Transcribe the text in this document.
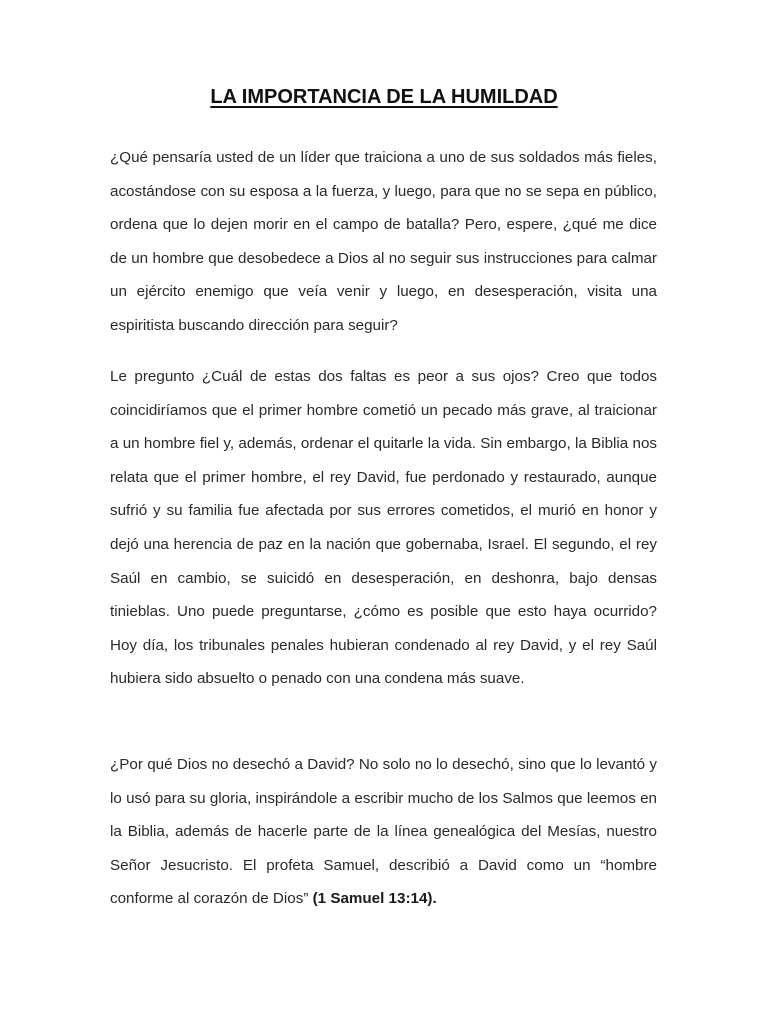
LA IMPORTANCIA DE LA HUMILDAD

¿Qué pensaría usted de un líder que traiciona a uno de sus soldados más fieles, acostándose con su esposa a la fuerza, y luego, para que no se sepa en público, ordena que lo dejen morir en el campo de batalla? Pero, espere, ¿qué me dice de un hombre que desobedece a Dios al no seguir sus instrucciones para calmar un ejército enemigo que veía venir y luego, en desesperación, visita una espiritista buscando dirección para seguir?

Le pregunto ¿Cuál de estas dos faltas es peor a sus ojos? Creo que todos coincidiríamos que el primer hombre cometió un pecado más grave, al traicionar a un hombre fiel y, además, ordenar el quitarle la vida. Sin embargo, la Biblia nos relata que el primer hombre, el rey David, fue perdonado y restaurado, aunque sufrió y su familia fue afectada por sus errores cometidos, el murió en honor y dejó una herencia de paz en la nación que gobernaba, Israel. El segundo, el rey Saúl en cambio, se suicidó en desesperación, en deshonra, bajo densas tinieblas. Uno puede preguntarse, ¿cómo es posible que esto haya ocurrido? Hoy día, los tribunales penales hubieran condenado al rey David, y el rey Saúl hubiera sido absuelto o penado con una condena más suave.

¿Por qué Dios no desechó a David? No solo no lo desechó, sino que lo levantó y lo usó para su gloria, inspirándole a escribir mucho de los Salmos que leemos en la Biblia, además de hacerle parte de la línea genealógica del Mesías, nuestro Señor Jesucristo. El profeta Samuel, describió a David como un “hombre conforme al corazón de Dios” (1 Samuel 13:14).
